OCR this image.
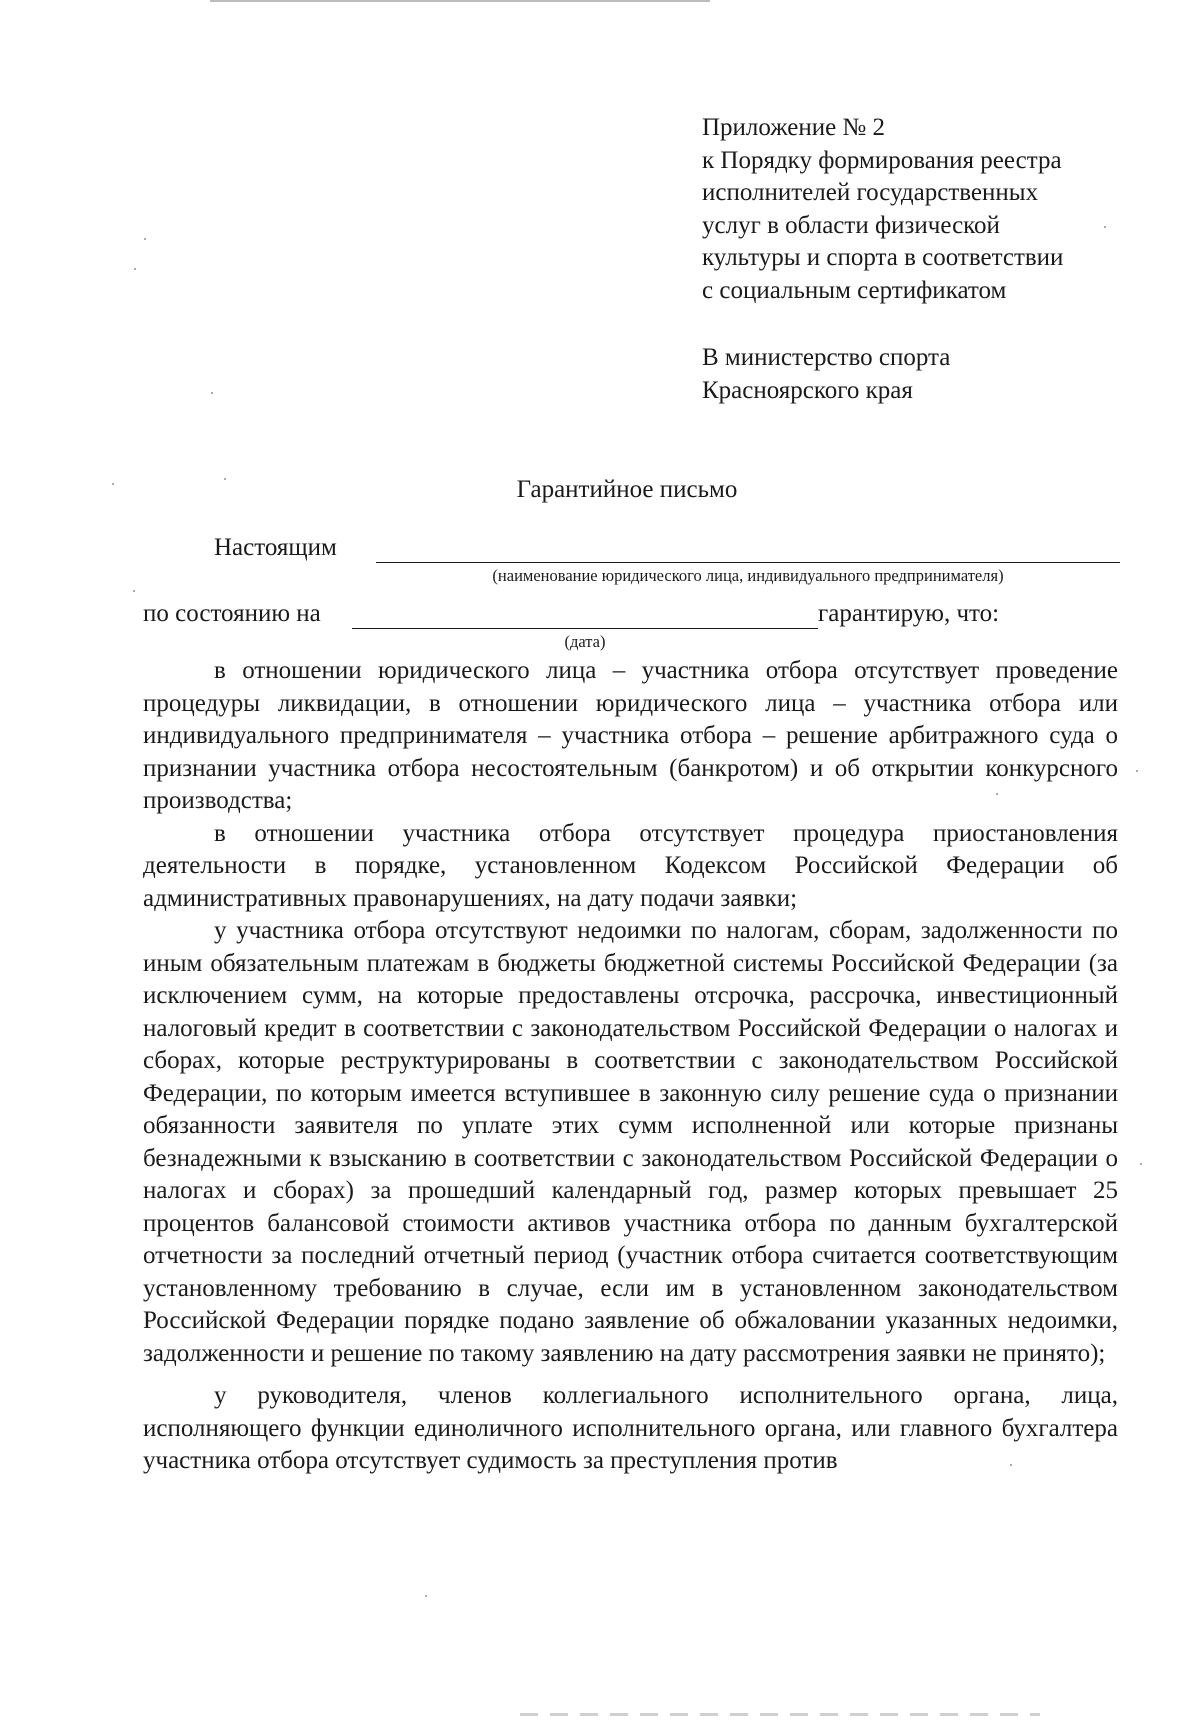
Приложение № 2
к Порядку формирования реестра
исполнителей государственных
услуг в области физической
культуры и спорта в соответствии
с социальным сертификатом
В министерство спорта
Красноярского края
Гарантийное письмо
Настоящим
(наименование юридического лица, индивидуального предпринимателя)
по состоянию на	гарантирую, что:
(дата)

в отношении юридического лица – участника отбора отсутствует проведение процедуры ликвидации, в отношении юридического лица – участника отбора или индивидуального предпринимателя – участника отбора – решение арбитражного суда о признании участника отбора несостоятельным (банкротом) и об открытии конкурсного производства;

в отношении участника отбора отсутствует процедура приостановления деятельности в порядке, установленном Кодексом Российской Федерации об административных правонарушениях, на дату подачи заявки;

у участника отбора отсутствуют недоимки по налогам, сборам, задолженности по иным обязательным платежам в бюджеты бюджетной системы Российской Федерации (за исключением сумм, на которые предоставлены отсрочка, рассрочка, инвестиционный налоговый кредит в соответствии с законодательством Российской Федерации о налогах и сборах, которые реструктурированы в соответствии с законодательством Российской Федерации, по которым имеется вступившее в законную силу решение суда о признании обязанности заявителя по уплате этих сумм исполненной или которые признаны безнадежными к взысканию в соответствии с законодательством Российской Федерации о налогах и сборах) за прошедший календарный год, размер которых превышает 25 процентов балансовой стоимости активов участника отбора по данным бухгалтерской отчетности за последний отчетный период (участник отбора считается соответствующим установленному требованию в случае, если им в установленном законодательством Российской Федерации порядке подано заявление об обжаловании указанных недоимки, задолженности и решение по такому заявлению на дату рассмотрения заявки не принято);

у руководителя, членов коллегиального исполнительного органа, лица, исполняющего функции единоличного исполнительного органа, или главного бухгалтера участника отбора отсутствует судимость за преступления против
